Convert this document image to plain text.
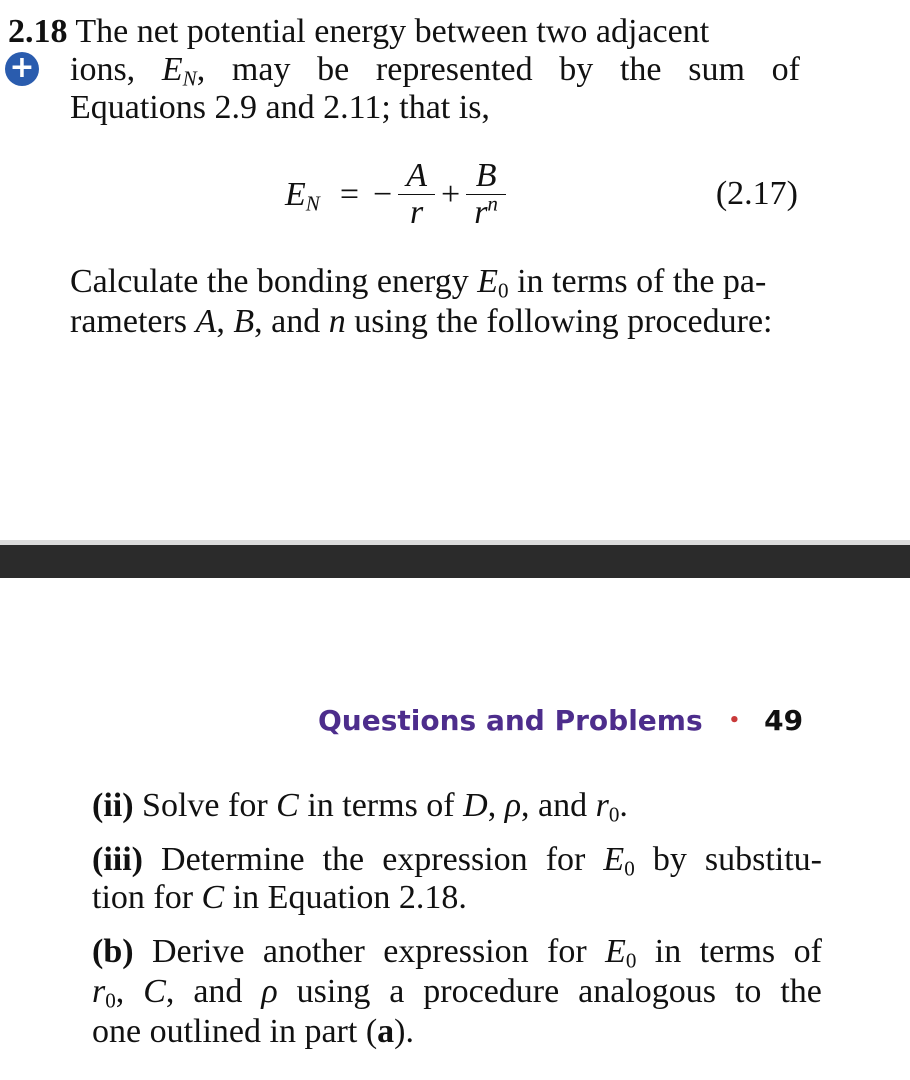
2.18 The net potential energy between two adjacent
+ ions, $E_N$, may be represented by the sum of
Equations 2.9 and 2.11; that is,
$E_N$ = − $\frac{A}{r} + \frac{B}{r^n}$	(2.17)
Calculate the bonding energy $E_0$ in terms of the pa-
rameters A, B, and n using the following procedure:
Questions and Problems • 49
(ii) Solve for C in terms of D, ρ, and $r_0$.
(iii) Determine the expression for $E_0$ by substitu-
tion for C in Equation 2.18.
(b) Derive another expression for $E_0$ in terms of
$r_0$, C, and ρ using a procedure analogous to the
one outlined in part (a).
